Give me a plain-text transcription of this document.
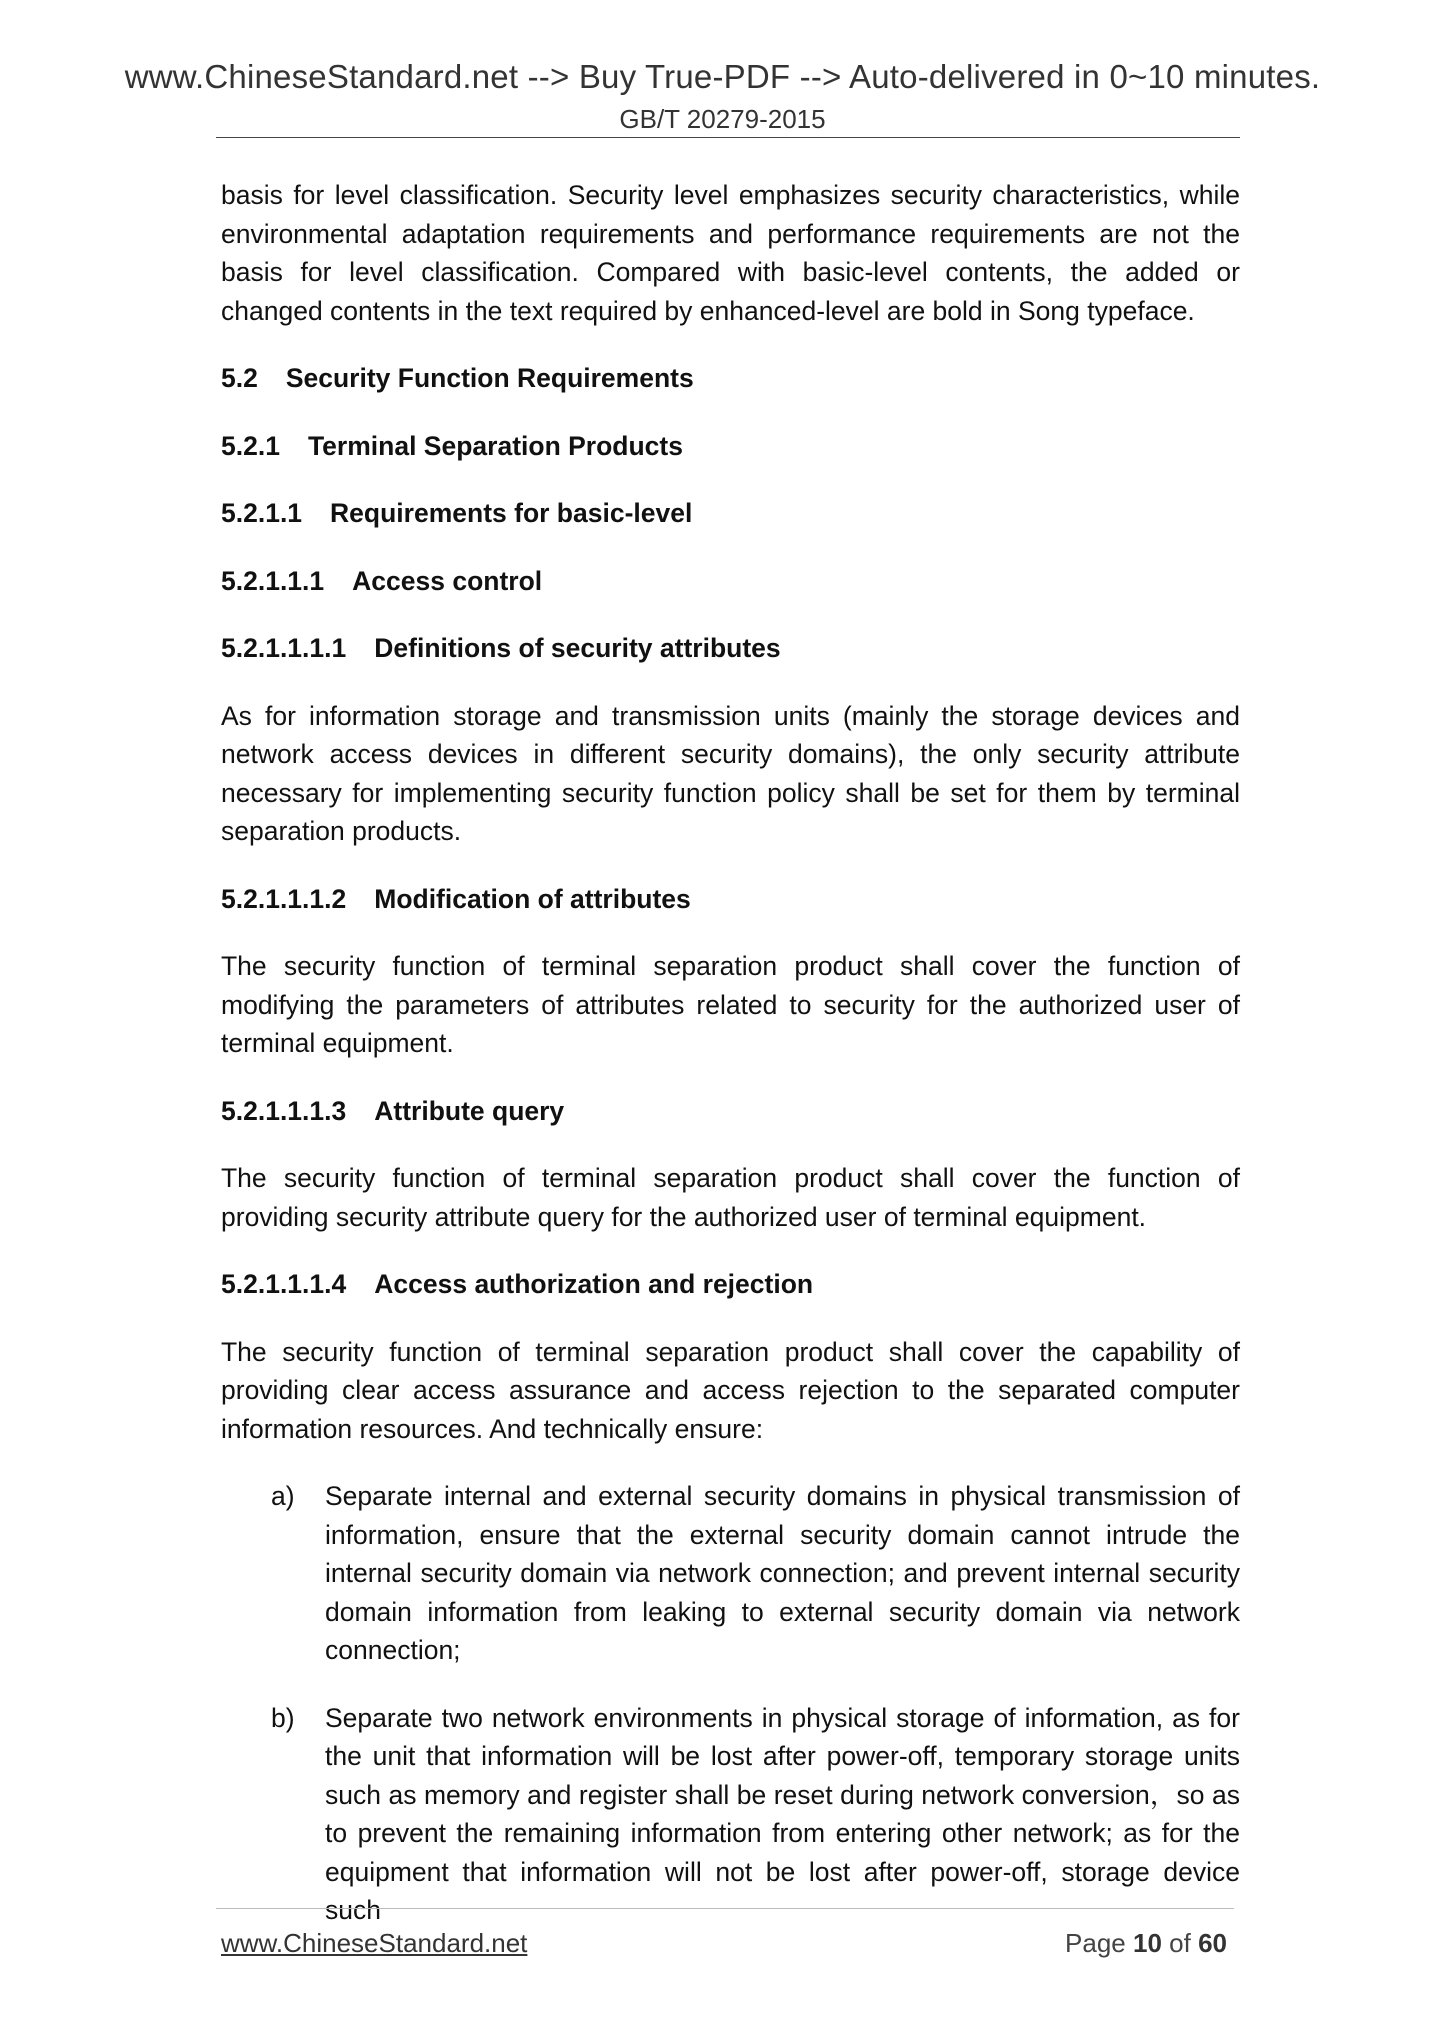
www.ChineseStandard.net --> Buy True-PDF --> Auto-delivered in 0~10 minutes.
GB/T 20279-2015

basis for level classification. Security level emphasizes security characteristics, while environmental adaptation requirements and performance requirements are not the basis for level classification. Compared with basic-level contents, the added or changed contents in the text required by enhanced-level are bold in Song typeface.

5.2 Security Function Requirements
5.2.1 Terminal Separation Products
5.2.1.1 Requirements for basic-level
5.2.1.1.1 Access control
5.2.1.1.1.1 Definitions of security attributes

As for information storage and transmission units (mainly the storage devices and network access devices in different security domains), the only security attribute necessary for implementing security function policy shall be set for them by terminal separation products.

5.2.1.1.1.2 Modification of attributes

The security function of terminal separation product shall cover the function of modifying the parameters of attributes related to security for the authorized user of terminal equipment.

5.2.1.1.1.3 Attribute query

The security function of terminal separation product shall cover the function of providing security attribute query for the authorized user of terminal equipment.

5.2.1.1.1.4 Access authorization and rejection

The security function of terminal separation product shall cover the capability of providing clear access assurance and access rejection to the separated computer information resources. And technically ensure:

a) Separate internal and external security domains in physical transmission of information, ensure that the external security domain cannot intrude the internal security domain via network connection; and prevent internal security domain information from leaking to external security domain via network connection;
b) Separate two network environments in physical storage of information, as for the unit that information will be lost after power-off, temporary storage units such as memory and register shall be reset during network conversion，so as to prevent the remaining information from entering other network; as for the equipment that information will not be lost after power-off, storage device such
www.ChineseStandard.net	Page 10 of 60
